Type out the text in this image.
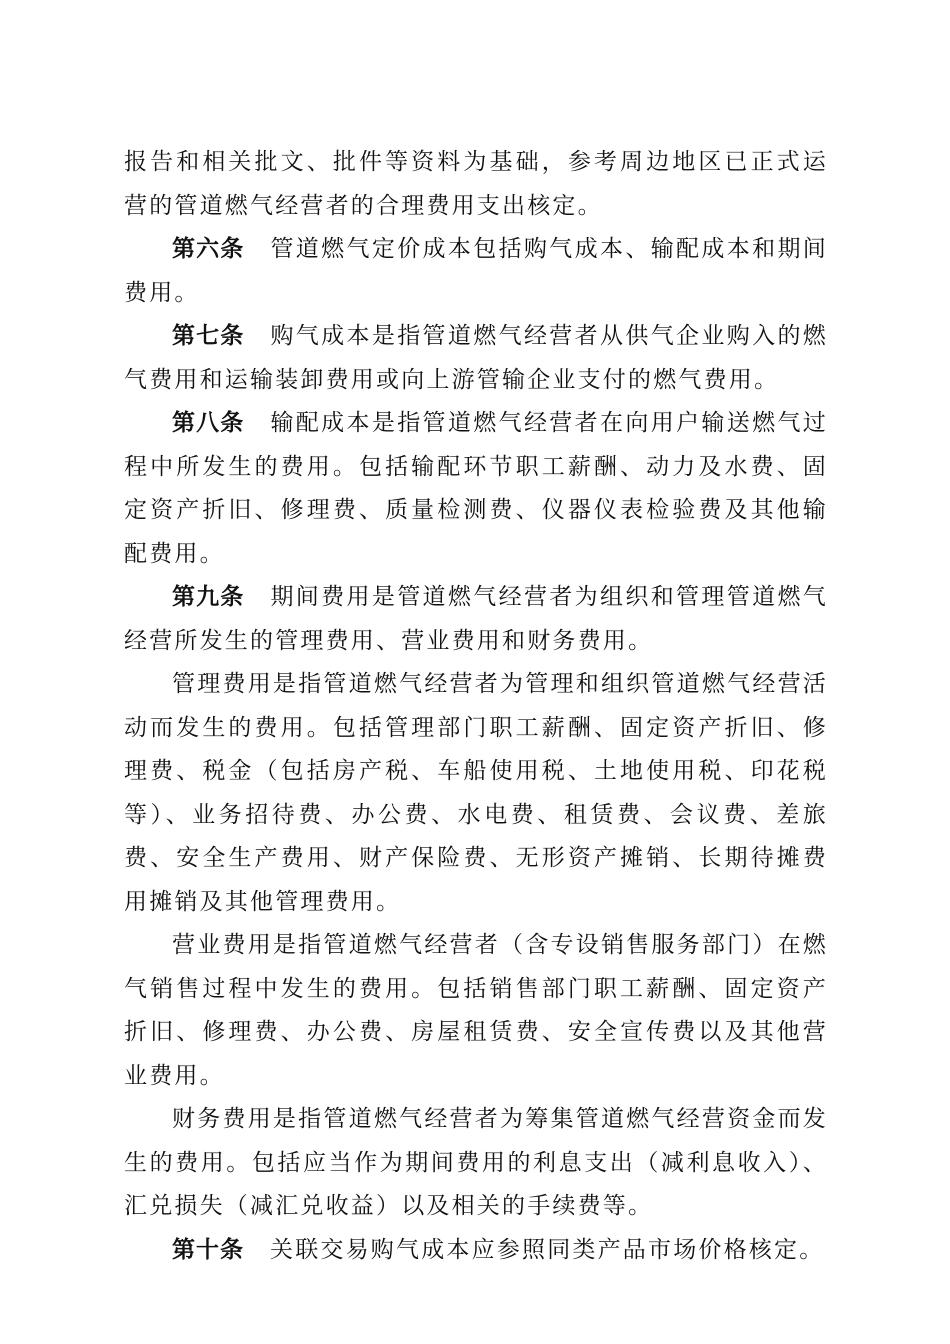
报告和相关批文、批件等资料为基础，参考周边地区已正式运营的管道燃气经营者的合理费用支出核定。

第六条 管道燃气定价成本包括购气成本、输配成本和期间费用。

第七条 购气成本是指管道燃气经营者从供气企业购入的燃气费用和运输装卸费用或向上游管输企业支付的燃气费用。

第八条 输配成本是指管道燃气经营者在向用户输送燃气过程中所发生的费用。包括输配环节职工薪酬、动力及水费、固定资产折旧、修理费、质量检测费、仪器仪表检验费及其他输配费用。

第九条 期间费用是管道燃气经营者为组织和管理管道燃气经营所发生的管理费用、营业费用和财务费用。

管理费用是指管道燃气经营者为管理和组织管道燃气经营活动而发生的费用。包括管理部门职工薪酬、固定资产折旧、修理费、税金（包括房产税、车船使用税、土地使用税、印花税等）、业务招待费、办公费、水电费、租赁费、会议费、差旅费、安全生产费用、财产保险费、无形资产摊销、长期待摊费用摊销及其他管理费用。

营业费用是指管道燃气经营者（含专设销售服务部门）在燃气销售过程中发生的费用。包括销售部门职工薪酬、固定资产折旧、修理费、办公费、房屋租赁费、安全宣传费以及其他营业费用。

财务费用是指管道燃气经营者为筹集管道燃气经营资金而发生的费用。包括应当作为期间费用的利息支出（减利息收入）、汇兑损失（减汇兑收益）以及相关的手续费等。

第十条 关联交易购气成本应参照同类产品市场价格核定。
